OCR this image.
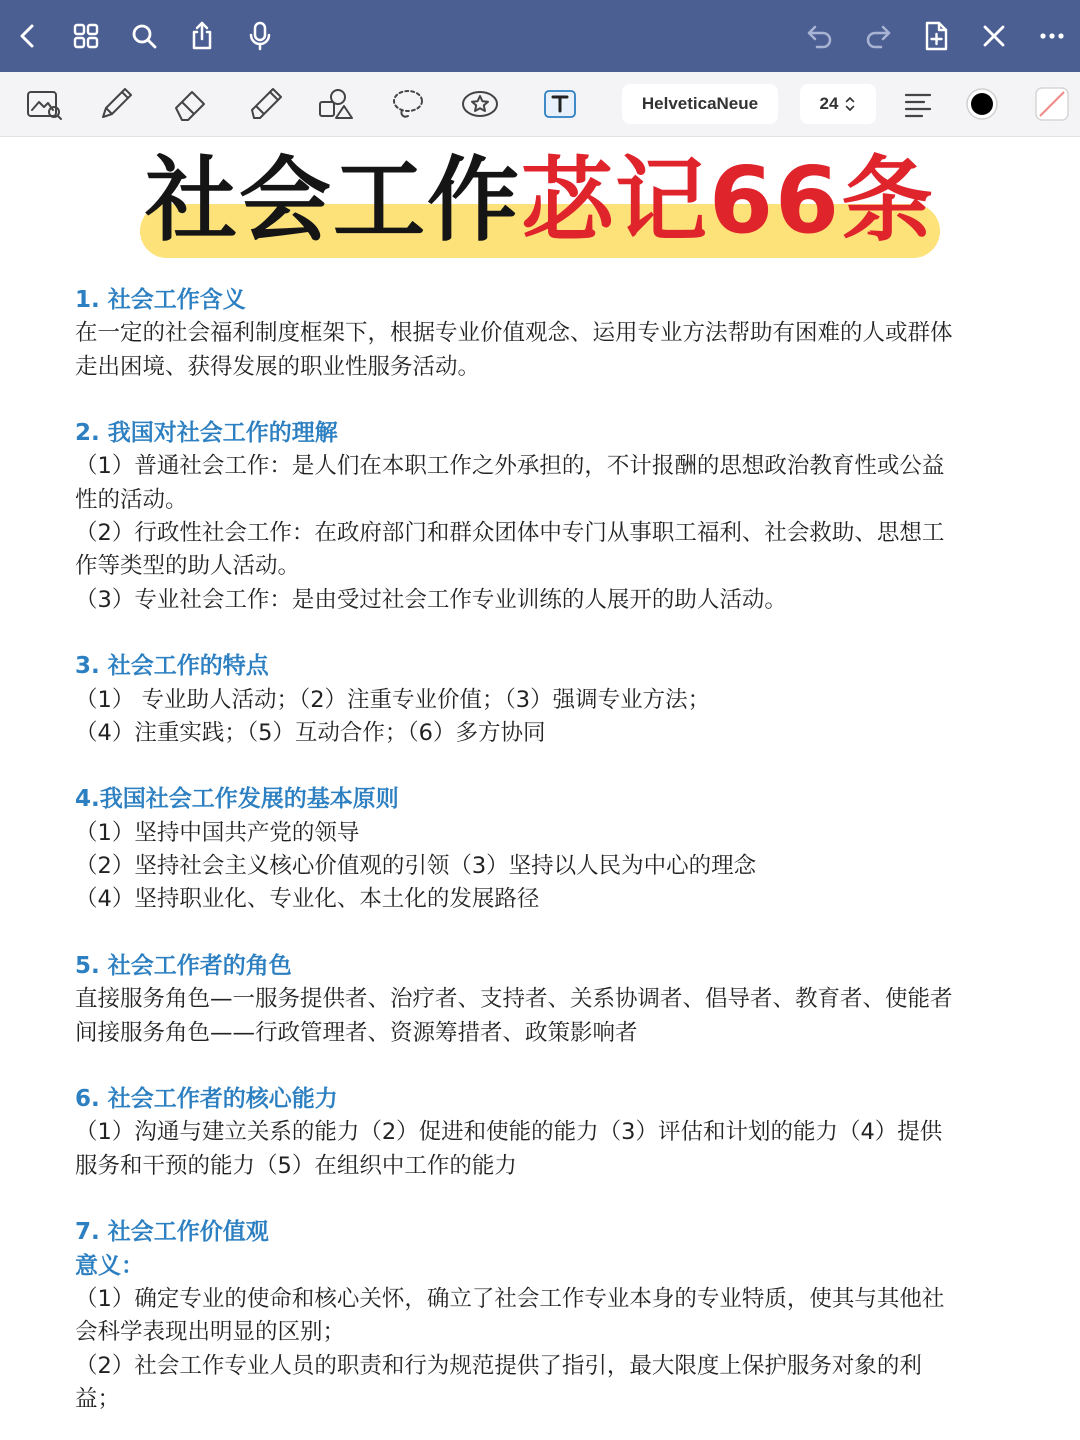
HelveticaNeue	24
社会工作苾记66条

1. 社会工作含义

在一定的社会福利制度框架下，根据专业价值观念、运用专业方法帮助有困难的人或群体

走出困境、获得发展的职业性服务活动。

2. 我国对社会工作的理解

（1）普通社会工作：是人们在本职工作之外承担的，不计报酬的思想政治教育性或公益

性的活动。

（2）行政性社会工作：在政府部门和群众团体中专门从事职工福利、社会救助、思想工

作等类型的助人活动。

（3）专业社会工作：是由受过社会工作专业训练的人展开的助人活动。

3. 社会工作的特点

（1） 专业助人活动；（2）注重专业价值；（3）强调专业方法；

（4）注重实践；（5）互动合作；（6）多方协同

4.我国社会工作发展的基本原则

（1）坚持中国共产党的领导

（2）坚持社会主义核心价值观的引领（3）坚持以人民为中心的理念

（4）坚持职业化、专业化、本土化的发展路径

5. 社会工作者的角色

直接服务角色—一服务提供者、治疗者、支持者、关系协调者、倡导者、教育者、使能者

间接服务角色——行政管理者、资源筹措者、政策影响者

6. 社会工作者的核心能力

（1）沟通与建立关系的能力（2）促进和使能的能力（3）评估和计划的能力（4）提供

服务和干预的能力（5）在组织中工作的能力

7. 社会工作价值观

意义：

（1）确定专业的使命和核心关怀，确立了社会工作专业本身的专业特质，使其与其他社

会科学表现出明显的区别；

（2）社会工作专业人员的职责和行为规范提供了指引，最大限度上保护服务对象的利

益；
